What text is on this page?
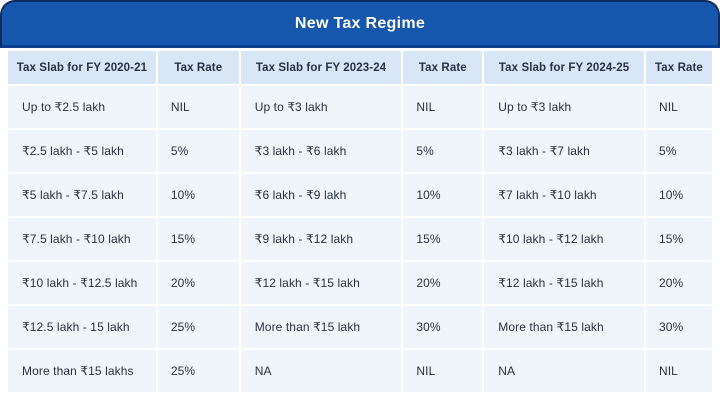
New Tax Regime
Tax Slab for FY 2020-21	Tax Rate	Tax Slab for FY 2023-24	Tax Rate	Tax Slab for FY 2024-25	Tax Rate
Up to ₹2.5 lakh	NIL	Up to ₹3 lakh	NIL	Up to ₹3 lakh	NIL
₹2.5 lakh - ₹5 lakh	5%	₹3 lakh - ₹6 lakh	5%	₹3 lakh - ₹7 lakh	5%
₹5 lakh - ₹7.5 lakh	10%	₹6 lakh - ₹9 lakh	10%	₹7 lakh - ₹10 lakh	10%
₹7.5 lakh - ₹10 lakh	15%	₹9 lakh - ₹12 lakh	15%	₹10 lakh - ₹12 lakh	15%
₹10 lakh - ₹12.5 lakh	20%	₹12 lakh - ₹15 lakh	20%	₹12 lakh - ₹15 lakh	20%
₹12.5 lakh - 15 lakh	25%	More than ₹15 lakh	30%	More than ₹15 lakh	30%
More than ₹15 lakhs	25%	NA	NIL	NA	NIL
